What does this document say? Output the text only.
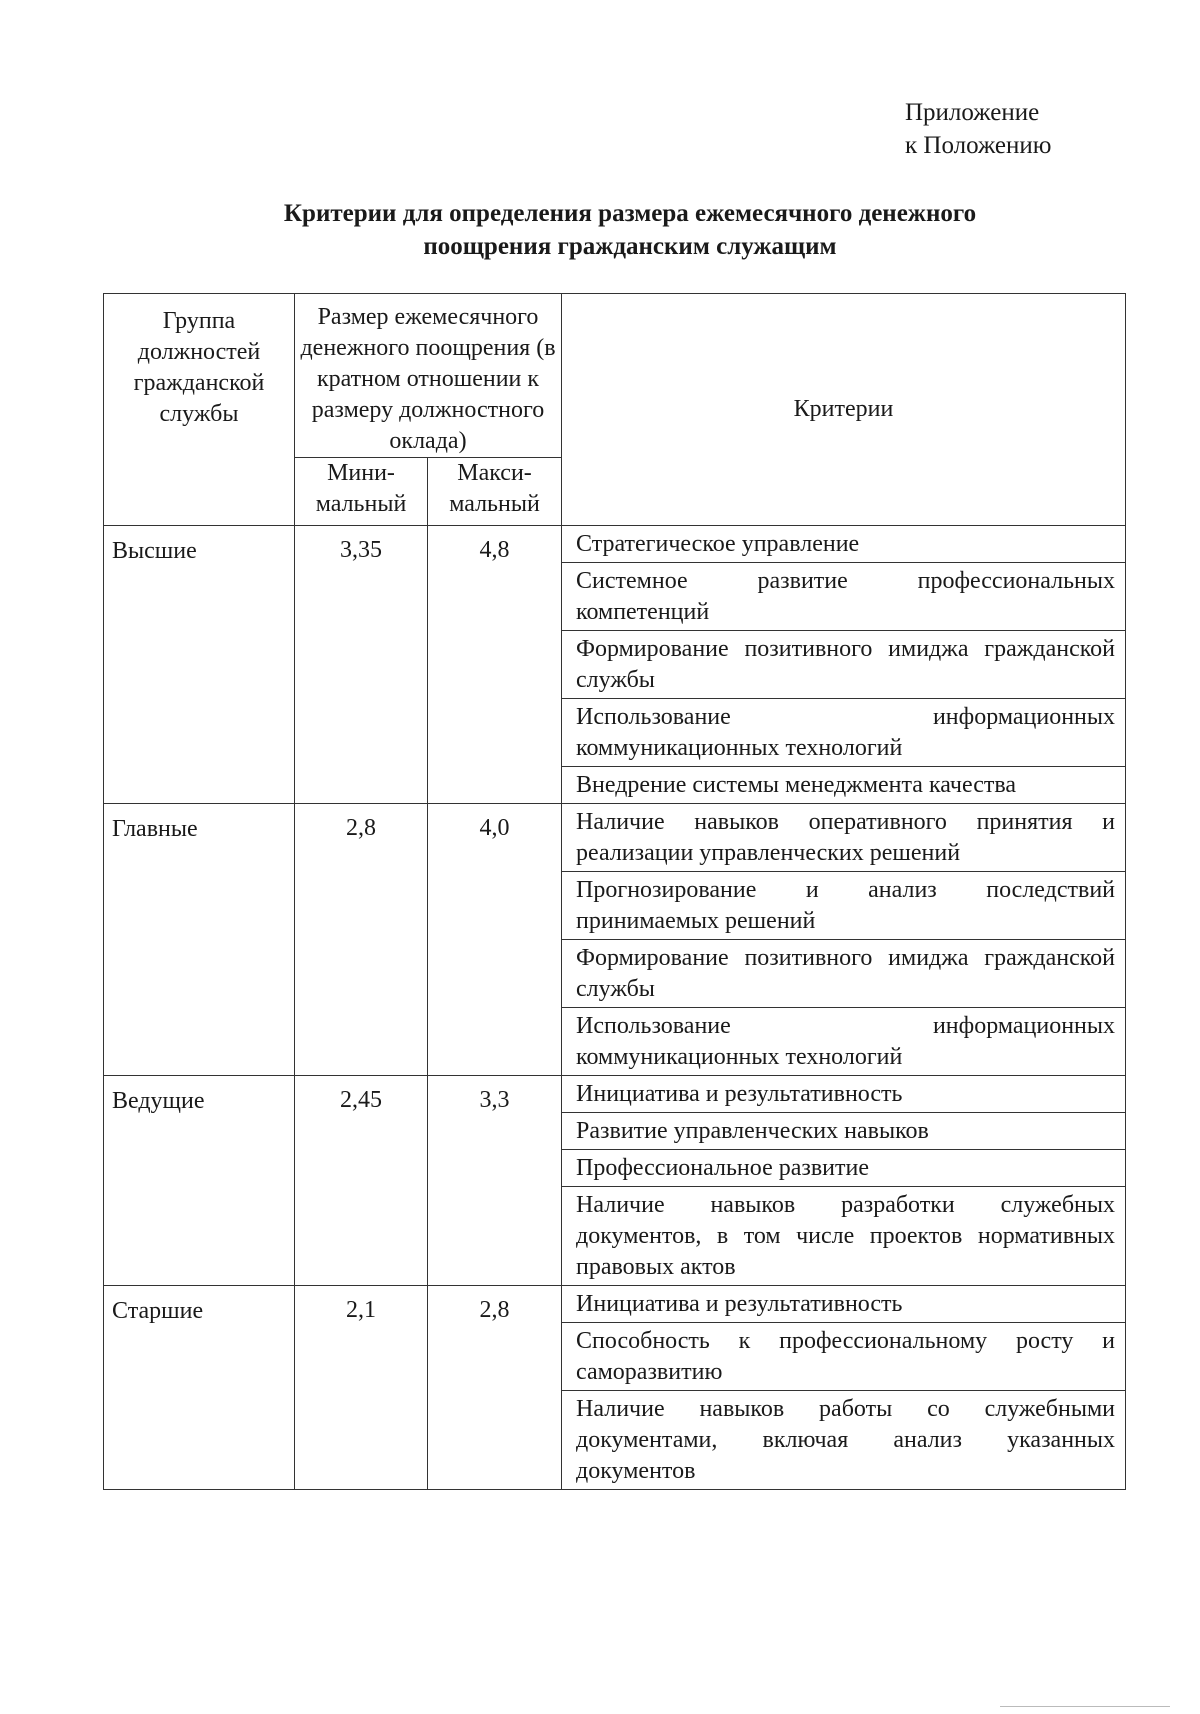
Приложение
к Положению
Критерии для определения размера ежемесячного денежного
поощрения гражданским служащим
Группа должностей гражданской службы	Размер ежемесячного денежного поощрения (в кратном отношении к размеру должностного оклада)		Критерии
	Мини-мальный	Макси-мальный	
Высшие	3,35	4,8	Стратегическое управление
Системное развитие профессиональных компетенций
Формирование позитивного имиджа гражданской службы
Использование информационных коммуникационных технологий
Внедрение системы менеджмента качества

Главные	2,8	4,0	Наличие навыков оперативного принятия и реализации управленческих решений
Прогнозирование и анализ последствий принимаемых решений
Формирование позитивного имиджа гражданской службы
Использование информационных коммуникационных технологий

Ведущие	2,45	3,3	Инициатива и результативность
Развитие управленческих навыков
Профессиональное развитие
Наличие навыков разработки служебных документов, в том числе проектов нормативных правовых актов

Старшие	2,1	2,8	Инициатива и результативность
Способность к профессиональному росту и саморазвитию
Наличие навыков работы со служебными документами, включая анализ указанных документов
